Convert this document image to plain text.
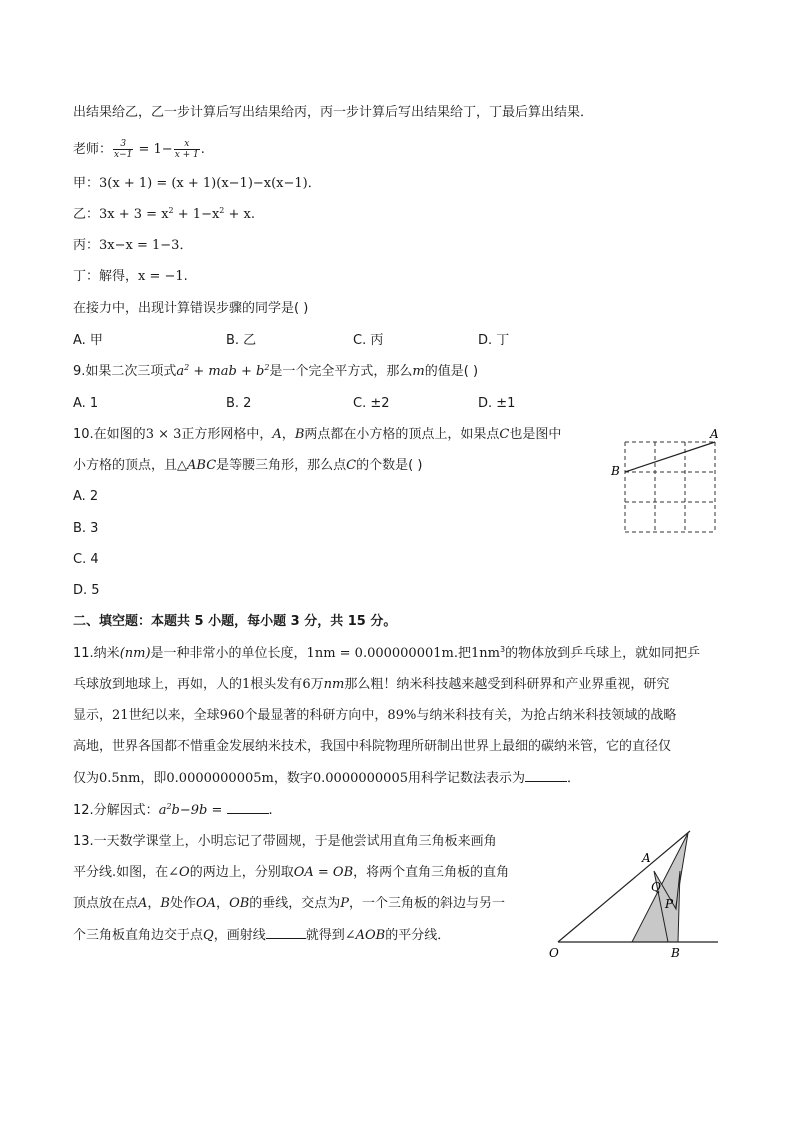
出结果给乙，乙一步计算后写出结果给丙，丙一步计算后写出结果给丁，丁最后算出结果．
老师： $\frac{3}{x-1} = 1- \frac{x}{x + 1}$ .
甲：3(x + 1) = (x + 1)(x−1)−x(x−1)．
乙：$3x + 3 = x^2 + 1-x^2 + x$.
丙：3x−x = 1−3．
丁：解得，x = −1.
在接力中，出现计算错误步骤的同学是( )
A. 甲	B. 乙	C. 丙	D. 丁
9.如果二次三项式$a^2$ + mab + $b^2$是一个完全平方式，那么m的值是( )
A. 1	B. 2	C. ±2	D. ±1
10.在如图的3 × 3正方形网格中，A，B两点都在小方格的顶点上，如果点C也是图中
小方格的顶点，且△ABC是等腰三角形，那么点C的个数是( )
A. 2
B. 3
C. 4
D. 5
A
B
二、填空题：本题共 5 小题，每小题 3 分，共 15 分。
11.纳米(nm)是一种非常小的单位长度，1nm = 0.000000001m.把$1nm^3$的物体放到乒乓球上，就如同把乒
乓球放到地球上，再如，人的1根头发有6万nm那么粗！纳米科技越来越受到科研界和产业界重视，研究
显示，21世纪以来，全球960个最显著的科研方向中，89%与纳米科技有关，为抢占纳米科技领域的战略
高地，世界各国都不惜重金发展纳米技术，我国中科院物理所研制出世界上最细的碳纳米管，它的直径仅
仅为0.5nm，即0.0000000005m，数字0.0000000005用科学记数法表示为	．
12.分解因式：$a^2b-9b$ =	.
13.一天数学课堂上，小明忘记了带圆规，于是他尝试用直角三角板来画角
平分线.如图，在∠O的两边上，分别取OA = OB，将两个直角三角板的直角
顶点放在点A，B处作OA，OB的垂线，交点为P，一个三角板的斜边与另一
个三角板直角边交于点Q，画射线	就得到∠AOB的平分线．
O
A
B
P
Q
